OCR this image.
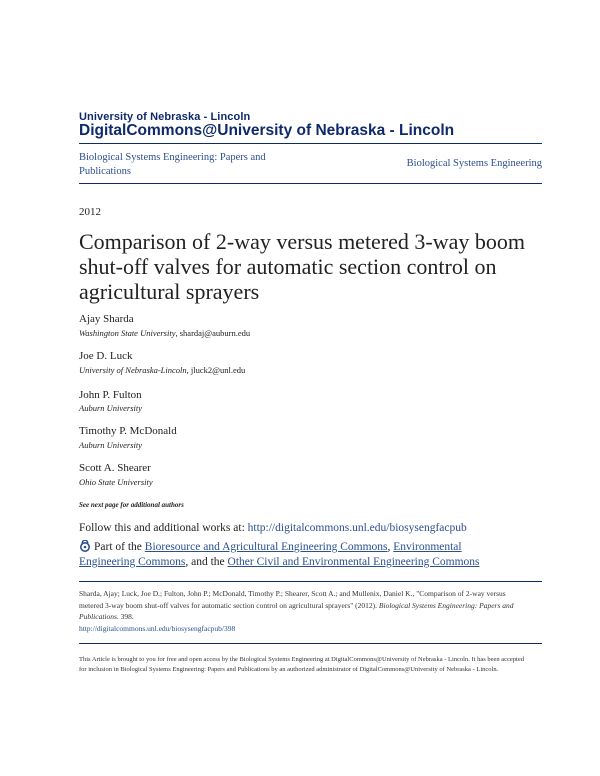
University of Nebraska - Lincoln
DigitalCommons@University of Nebraska - Lincoln
Biological Systems Engineering: Papers and Publications
Biological Systems Engineering
2012
Comparison of 2-way versus metered 3-way boom shut-off valves for automatic section control on agricultural sprayers
Ajay Sharda
Washington State University, shardaj@auburn.edu
Joe D. Luck
University of Nebraska-Lincoln, jluck2@unl.edu
John P. Fulton
Auburn University
Timothy P. McDonald
Auburn University
Scott A. Shearer
Ohio State University
See next page for additional authors
Follow this and additional works at: http://digitalcommons.unl.edu/biosysengfacpub
Part of the Bioresource and Agricultural Engineering Commons, Environmental Engineering Commons, and the Other Civil and Environmental Engineering Commons
Sharda, Ajay; Luck, Joe D.; Fulton, John P.; McDonald, Timothy P.; Shearer, Scott A.; and Mullenix, Daniel K., "Comparison of 2-way versus metered 3-way boom shut-off valves for automatic section control on agricultural sprayers" (2012). Biological Systems Engineering: Papers and Publications. 398.
http://digitalcommons.unl.edu/biosysengfacpub/398
This Article is brought to you for free and open access by the Biological Systems Engineering at DigitalCommons@University of Nebraska - Lincoln. It has been accepted for inclusion in Biological Systems Engineering: Papers and Publications by an authorized administrator of DigitalCommons@University of Nebraska - Lincoln.
